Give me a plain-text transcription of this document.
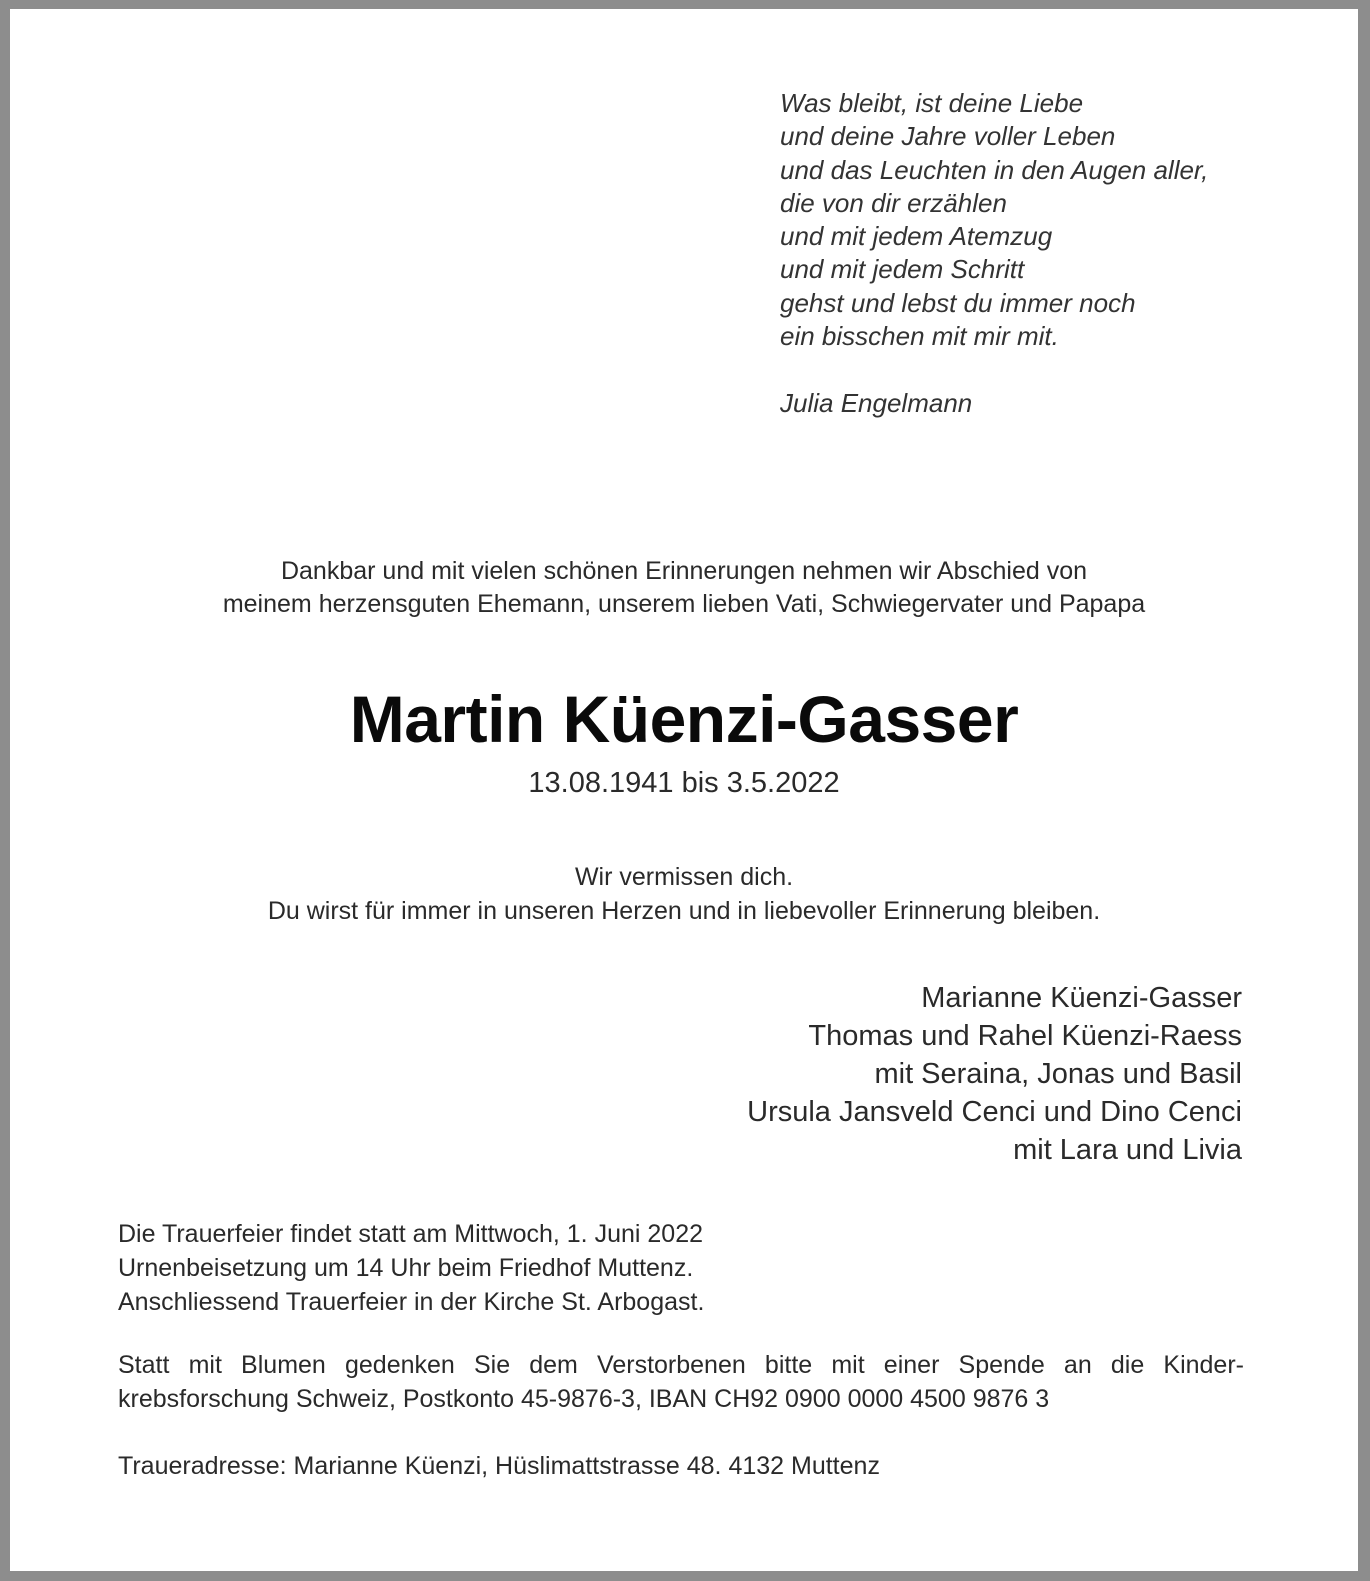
Was bleibt, ist deine Liebe
und deine Jahre voller Leben
und das Leuchten in den Augen aller,
die von dir erzählen
und mit jedem Atemzug
und mit jedem Schritt
gehst und lebst du immer noch
ein bisschen mit mir mit.
Julia Engelmann
Dankbar und mit vielen schönen Erinnerungen nehmen wir Abschied von
meinem herzensguten Ehemann, unserem lieben Vati, Schwiegervater und Papapa
Martin Küenzi-Gasser
13.08.1941 bis 3.5.2022
Wir vermissen dich.
Du wirst für immer in unseren Herzen und in liebevoller Erinnerung bleiben.
Marianne Küenzi-Gasser
Thomas und Rahel Küenzi-Raess
mit Seraina, Jonas und Basil
Ursula Jansveld Cenci und Dino Cenci
mit Lara und Livia
Die Trauerfeier findet statt am Mittwoch, 1. Juni 2022
Urnenbeisetzung um 14 Uhr beim Friedhof Muttenz.
Anschliessend Trauerfeier in der Kirche St. Arbogast.
Statt mit Blumen gedenken Sie dem Verstorbenen bitte mit einer Spende an die Kinder-
krebsforschung Schweiz, Postkonto 45-9876-3, IBAN CH92 0900 0000 4500 9876 3
Traueradresse: Marianne Küenzi, Hüslimattstrasse 48. 4132 Muttenz
